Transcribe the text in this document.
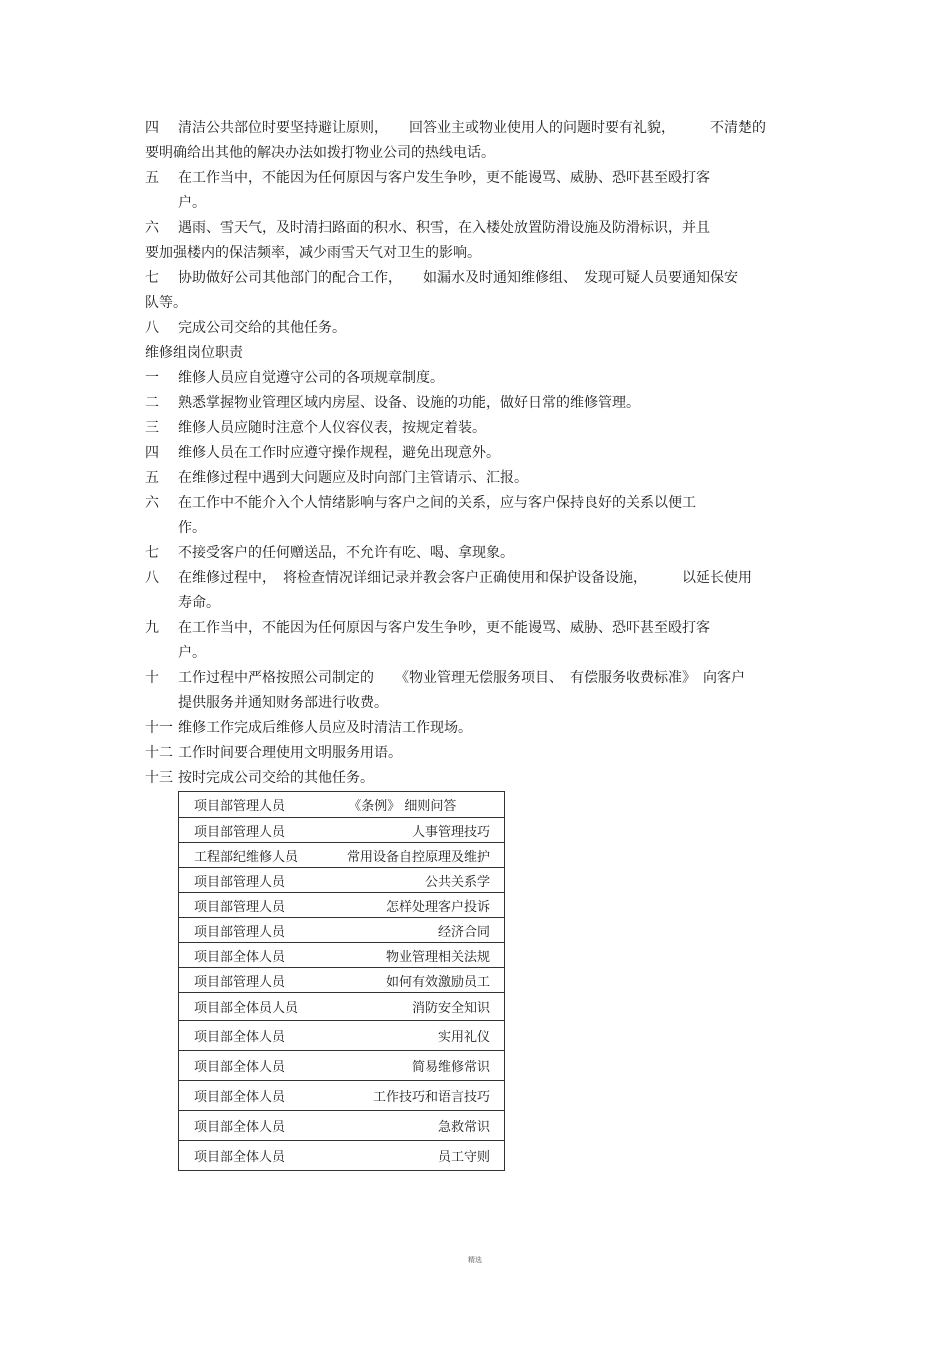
四 清洁公共部位时要坚持避让原则，　　回答业主或物业使用人的问题时要有礼貌，　　　不清楚的
要明确给出其他的解决办法如拨打物业公司的热线电话。
五 在工作当中，不能因为任何原因与客户发生争吵，更不能谩骂、威胁、恐吓甚至殴打客
户。
六 遇雨、雪天气，及时清扫路面的积水、积雪，在入楼处放置防滑设施及防滑标识，并且
要加强楼内的保洁频率，减少雨雪天气对卫生的影响。
七 协助做好公司其他部门的配合工作，　　如漏水及时通知维修组、　发现可疑人员要通知保安
队等。
八 完成公司交给的其他任务。
维修组岗位职责
一 维修人员应自觉遵守公司的各项规章制度。
二 熟悉掌握物业管理区域内房屋、设备、设施的功能，做好日常的维修管理。
三 维修人员应随时注意个人仪容仪表，按规定着装。
四 维修人员在工作时应遵守操作规程，避免出现意外。
五 在维修过程中遇到大问题应及时向部门主管请示、汇报。
六 在工作中不能介入个人情绪影响与客户之间的关系，应与客户保持良好的关系以便工
作。
七 不接受客户的任何赠送品，不允许有吃、喝、拿现象。
八 在维修过程中，　将检查情况详细记录并教会客户正确使用和保护设备设施，　　　以延长使用
寿命。
九 在工作当中，不能因为任何原因与客户发生争吵，更不能谩骂、威胁、恐吓甚至殴打客
户。
十 工作过程中严格按照公司制定的　　《物业管理无偿服务项目、　有偿服务收费标准》　向客户
提供服务并通知财务部进行收费。
十一 维修工作完成后维修人员应及时清洁工作现场。
十二 工作时间要合理使用文明服务用语。
十三 按时完成公司交给的其他任务。
项目部管理人员	《条例》 细则问答
项目部管理人员	人事管理技巧
工程部纪维修人员	常用设备自控原理及维护
项目部管理人员	公共关系学
项目部管理人员	怎样处理客户投诉
项目部管理人员	经济合同
项目部全体人员	物业管理相关法规
项目部管理人员	如何有效激励员工
项目部全体员人员	消防安全知识
项目部全体人员	实用礼仪
项目部全体人员	简易维修常识
项目部全体人员	工作技巧和语言技巧
项目部全体人员	急救常识
项目部全体人员	员工守则
精选
